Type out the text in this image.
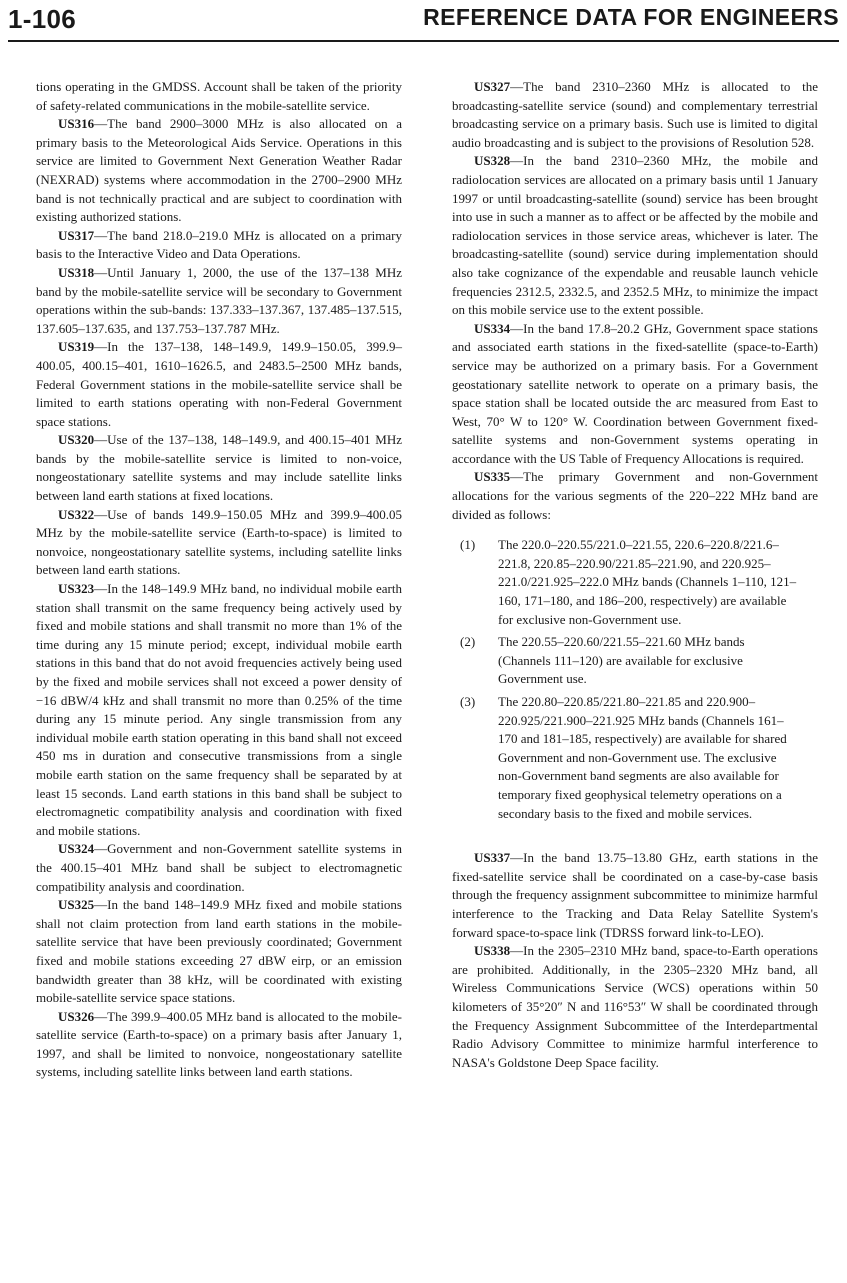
1-106	REFERENCE DATA FOR ENGINEERS

tions operating in the GMDSS. Account shall be taken of the priority of safety-related communications in the mobile-satellite service.

US316—The band 2900–3000 MHz is also allocated on a primary basis to the Meteorological Aids Service. Operations in this service are limited to Government Next Generation Weather Radar (NEXRAD) systems where accommodation in the 2700–2900 MHz band is not technically practical and are subject to coordination with existing authorized stations.

US317—The band 218.0–219.0 MHz is allocated on a primary basis to the Interactive Video and Data Operations.

US318—Until January 1, 2000, the use of the 137–138 MHz band by the mobile-satellite service will be secondary to Government operations within the sub-bands: 137.333–137.367, 137.485–137.515, 137.605–137.635, and 137.753–137.787 MHz.

US319—In the 137–138, 148–149.9, 149.9–150.05, 399.9–400.05, 400.15–401, 1610–1626.5, and 2483.5–2500 MHz bands, Federal Government stations in the mobile-satellite service shall be limited to earth stations operating with non-Federal Government space stations.

US320—Use of the 137–138, 148–149.9, and 400.15–401 MHz bands by the mobile-satellite service is limited to non-voice, nongeostationary satellite systems and may include satellite links between land earth stations at fixed locations.

US322—Use of bands 149.9–150.05 MHz and 399.9–400.05 MHz by the mobile-satellite service (Earth-to-space) is limited to nonvoice, nongeostationary satellite systems, including satellite links between land earth stations.

US323—In the 148–149.9 MHz band, no individual mobile earth station shall transmit on the same frequency being actively used by fixed and mobile stations and shall transmit no more than 1% of the time during any 15 minute period; except, individual mobile earth stations in this band that do not avoid frequencies actively being used by the fixed and mobile services shall not exceed a power density of −16 dBW/4 kHz and shall transmit no more than 0.25% of the time during any 15 minute period. Any single transmission from any individual mobile earth station operating in this band shall not exceed 450 ms in duration and consecutive transmissions from a single mobile earth station on the same frequency shall be separated by at least 15 seconds. Land earth stations in this band shall be subject to electromagnetic compatibility analysis and coordination with fixed and mobile stations.

US324—Government and non-Government satellite systems in the 400.15–401 MHz band shall be subject to electromagnetic compatibility analysis and coordination.

US325—In the band 148–149.9 MHz fixed and mobile stations shall not claim protection from land earth stations in the mobile-satellite service that have been previously coordinated; Government fixed and mobile stations exceeding 27 dBW eirp, or an emission bandwidth greater than 38 kHz, will be coordinated with existing mobile-satellite service space stations.

US326—The 399.9–400.05 MHz band is allocated to the mobile-satellite service (Earth-to-space) on a primary basis after January 1, 1997, and shall be limited to nonvoice, nongeostationary satellite systems, including satellite links between land earth stations.

US327—The band 2310–2360 MHz is allocated to the broadcasting-satellite service (sound) and complementary terrestrial broadcasting service on a primary basis. Such use is limited to digital audio broadcasting and is subject to the provisions of Resolution 528.

US328—In the band 2310–2360 MHz, the mobile and radiolocation services are allocated on a primary basis until 1 January 1997 or until broadcasting-satellite (sound) service has been brought into use in such a manner as to affect or be affected by the mobile and radiolocation services in those service areas, whichever is later. The broadcasting-satellite (sound) service during implementation should also take cognizance of the expendable and reusable launch vehicle frequencies 2312.5, 2332.5, and 2352.5 MHz, to minimize the impact on this mobile service use to the extent possible.

US334—In the band 17.8–20.2 GHz, Government space stations and associated earth stations in the fixed-satellite (space-to-Earth) service may be authorized on a primary basis. For a Government geostationary satellite network to operate on a primary basis, the space station shall be located outside the arc measured from East to West, 70° W to 120° W. Coordination between Government fixed-satellite systems and non-Government systems operating in accordance with the US Table of Frequency Allocations is required.

US335—The primary Government and non-Government allocations for the various segments of the 220–222 MHz band are divided as follows:

(1) The 220.0–220.55/221.0–221.55, 220.6–220.8/221.6–221.8, 220.85–220.90/221.85–221.90, and 220.925–221.0/221.925–222.0 MHz bands (Channels 1–110, 121–160, 171–180, and 186–200, respectively) are available for exclusive non-Government use.
(2) The 220.55–220.60/221.55–221.60 MHz bands (Channels 111–120) are available for exclusive Government use.
(3) The 220.80–220.85/221.80–221.85 and 220.900–220.925/221.900–221.925 MHz bands (Channels 161–170 and 181–185, respectively) are available for shared Government and non-Government use. The exclusive non-Government band segments are also available for temporary fixed geophysical telemetry operations on a secondary basis to the fixed and mobile services.

US337—In the band 13.75–13.80 GHz, earth stations in the fixed-satellite service shall be coordinated on a case-by-case basis through the frequency assignment subcommittee to minimize harmful interference to the Tracking and Data Relay Satellite System's forward space-to-space link (TDRSS forward link-to-LEO).

US338—In the 2305–2310 MHz band, space-to-Earth operations are prohibited. Additionally, in the 2305–2320 MHz band, all Wireless Communications Service (WCS) operations within 50 kilometers of 35°20″ N and 116°53″ W shall be coordinated through the Frequency Assignment Subcommittee of the Interdepartmental Radio Advisory Committee to minimize harmful interference to NASA's Goldstone Deep Space facility.
